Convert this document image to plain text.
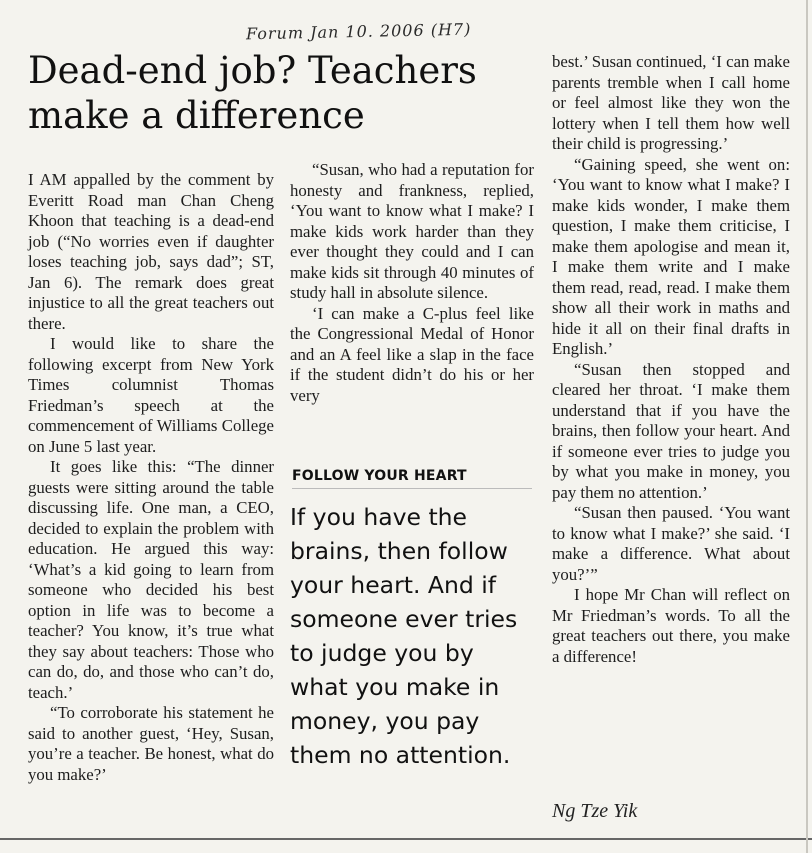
Forum Jan 10. 2006 (H7)
Dead-end job? Teachers make a difference

I AM appalled by the comment by Everitt Road man Chan Cheng Khoon that teaching is a dead-end job (“No worries even if daughter loses teaching job, says dad”; ST, Jan 6). The remark does great injustice to all the great teachers out there.

I would like to share the following excerpt from New York Times columnist Thomas Friedman’s speech at the commencement of Williams College on June 5 last year.

It goes like this: “The dinner guests were sitting around the table discussing life. One man, a CEO, decided to explain the problem with education. He argued this way: ‘What’s a kid going to learn from someone who decided his best option in life was to become a teacher? You know, it’s true what they say about teachers: Those who can do, do, and those who can’t do, teach.’

“To corroborate his statement he said to another guest, ‘Hey, Susan, you’re a teacher. Be honest, what do you make?’

“Susan, who had a reputation for honesty and frankness, replied, ‘You want to know what I make? I make kids work harder than they ever thought they could and I can make kids sit through 40 minutes of study hall in absolute silence.

‘I can make a C-plus feel like the Congressional Medal of Honor and an A feel like a slap in the face if the student didn’t do his or her very

FOLLOW YOUR HEART
If you have the brains, then follow your heart. And if someone ever tries to judge you by what you make in money, you pay them no attention.

best.’ Susan continued, ‘I can make parents tremble when I call home or feel almost like they won the lottery when I tell them how well their child is progressing.’

“Gaining speed, she went on: ‘You want to know what I make? I make kids wonder, I make them question, I make them criticise, I make them apologise and mean it, I make them write and I make them read, read, read. I make them show all their work in maths and hide it all on their final drafts in English.’

“Susan then stopped and cleared her throat. ‘I make them understand that if you have the brains, then follow your heart. And if someone ever tries to judge you by what you make in money, you pay them no attention.’

“Susan then paused. ‘You want to know what I make?’ she said. ‘I make a difference. What about you?’”

I hope Mr Chan will reflect on Mr Friedman’s words. To all the great teachers out there, you make a difference!

Ng Tze Yik
